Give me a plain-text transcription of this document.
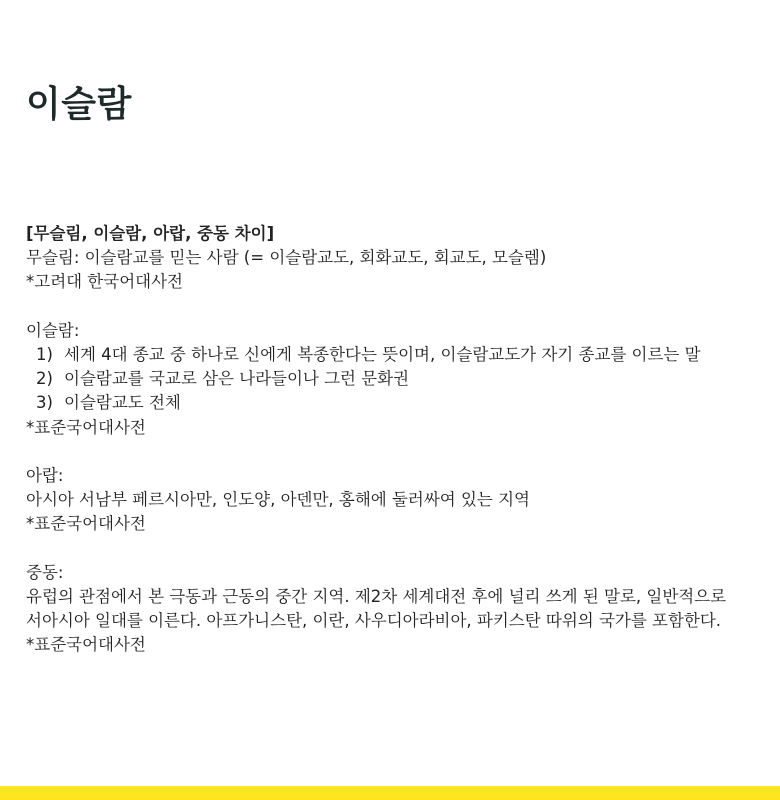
이슬람

[무슬림, 이슬람, 아랍, 중동 차이]

무슬림: 이슬람교를 믿는 사람 (= 이슬람교도, 회화교도, 회교도, 모슬렘)

*고려대 한국어대사전

이슬람:

1) 세계 4대 종교 중 하나로 신에게 복종한다는 뜻이며, 이슬람교도가 자기 종교를 이르는 말
2) 이슬람교를 국교로 삼은 나라들이나 그런 문화권
3) 이슬람교도 전체

*표준국어대사전

아랍:

아시아 서남부 페르시아만, 인도양, 아덴만, 홍해에 둘러싸여 있는 지역

*표준국어대사전

중동:

유럽의 관점에서 본 극동과 근동의 중간 지역. 제2차 세계대전 후에 널리 쓰게 된 말로, 일반적으로 서아시아 일대를 이른다. 아프가니스탄, 이란, 사우디아라비아, 파키스탄 따위의 국가를 포함한다.

*표준국어대사전
